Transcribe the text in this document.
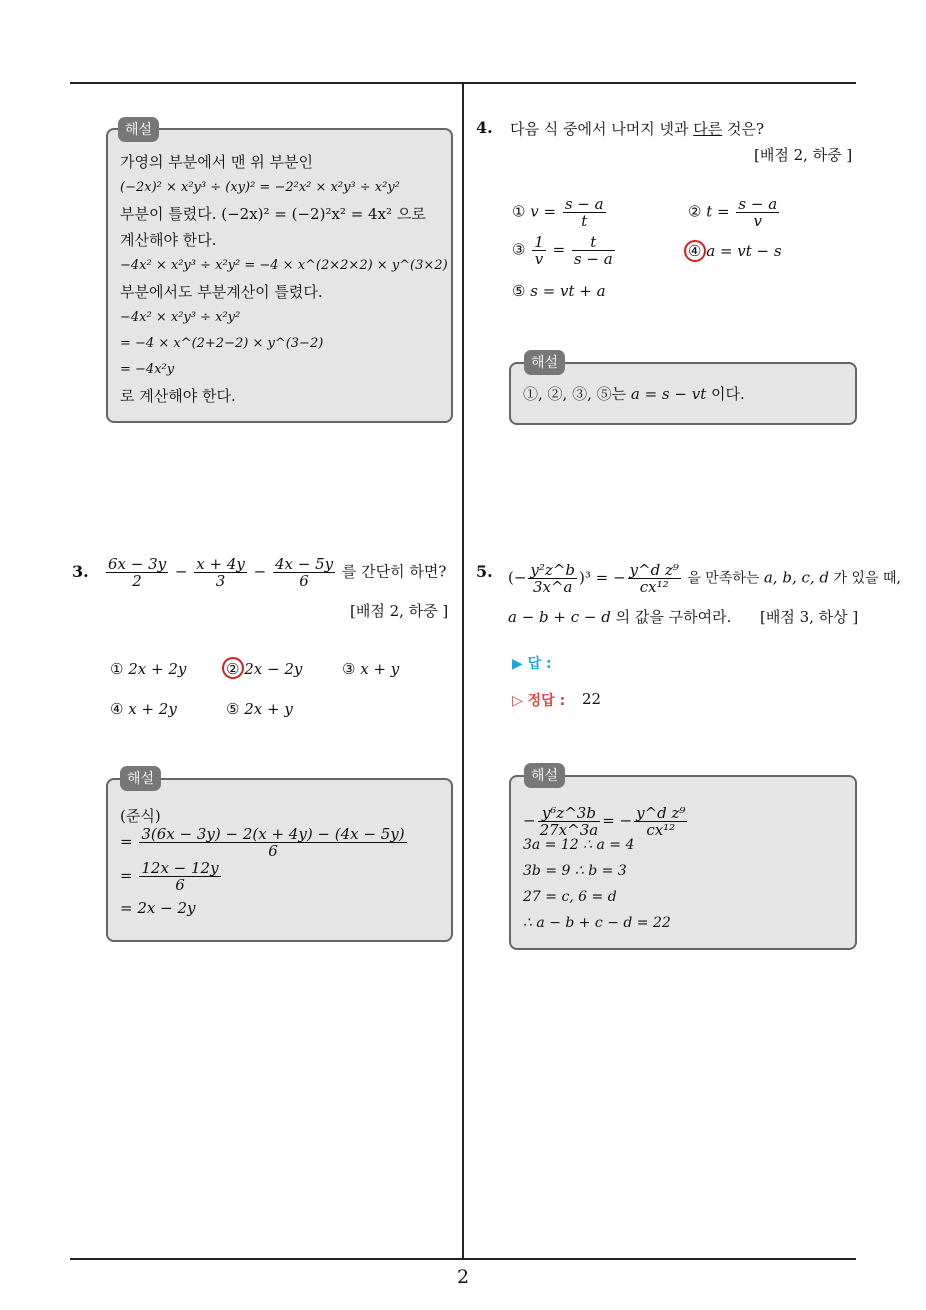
가영의 부분에서 맨 위 부분인
(−2x)² × x²y³ ÷ (xy)² = −2²x² × x²y³ ÷ x²y²
부분이 틀렸다. (−2x)² = (−2)²x² = 4x² 으로
계산해야 한다.
−4x² × x²y³ ÷ x²y² = −4 × x^(2×2×2) × y^(3×2)
부분에서도 부분계산이 틀렸다.
−4x² × x²y³ ÷ x²y²
= −4 × x^(2+2−2) × y^(3−2)
= −4x²y
로 계산해야 한다.
해설	4. 다음 식 중에서 나머지 넷과 다른 것은?
[배점 2, 하중 ]
① $v = \frac{s - a}{t}$	② $t = \frac{s - a}{v}$
③ $\frac{1}{v} = \frac{t}{s - a}$	④ a = vt − s
⑤ s = vt + a
①, ②, ③, ⑤는 a = s − vt 이다.
해설
3. $\frac{6x - 3y}{2} - \frac{x + 4y}{3} - \frac{4x - 5y}{6}$ 를 간단히 하면?
[배점 2, 하중 ]
① 2x + 2y	② 2x − 2y	③ x + y
④ x + 2y	⑤ 2x + y
(준식)
= $\frac{3(6x - 3y) - 2(x + 4y) - (4x - 5y)}{6}$
= $\frac{12x - 12y}{6}$
= 2x − 2y
해설
5. (− $\frac{\text{y²z\textasciicircum{}b}}{3x\^{}a} )^3$ = − $\frac{\text{y\textasciicircum{}d z⁹}}{\text{cx¹²}}$ 을 만족하는 a, b, c, d 가 있을 때,
a − b + c − d 의 값을 구하여라. [배점 3, 하상 ]
▶ 답 :
▷ 정답 : 22
− $\frac{\text{y⁶z\textasciicircum{}3b}}{27x\^{}3a}$ = − $\frac{\text{y\textasciicircum{}d z⁹}}{\text{cx¹²}}$
3a = 12 ∴ a = 4
3b = 9 ∴ b = 3
27 = c, 6 = d
∴ a − b + c − d = 22
해설
2
